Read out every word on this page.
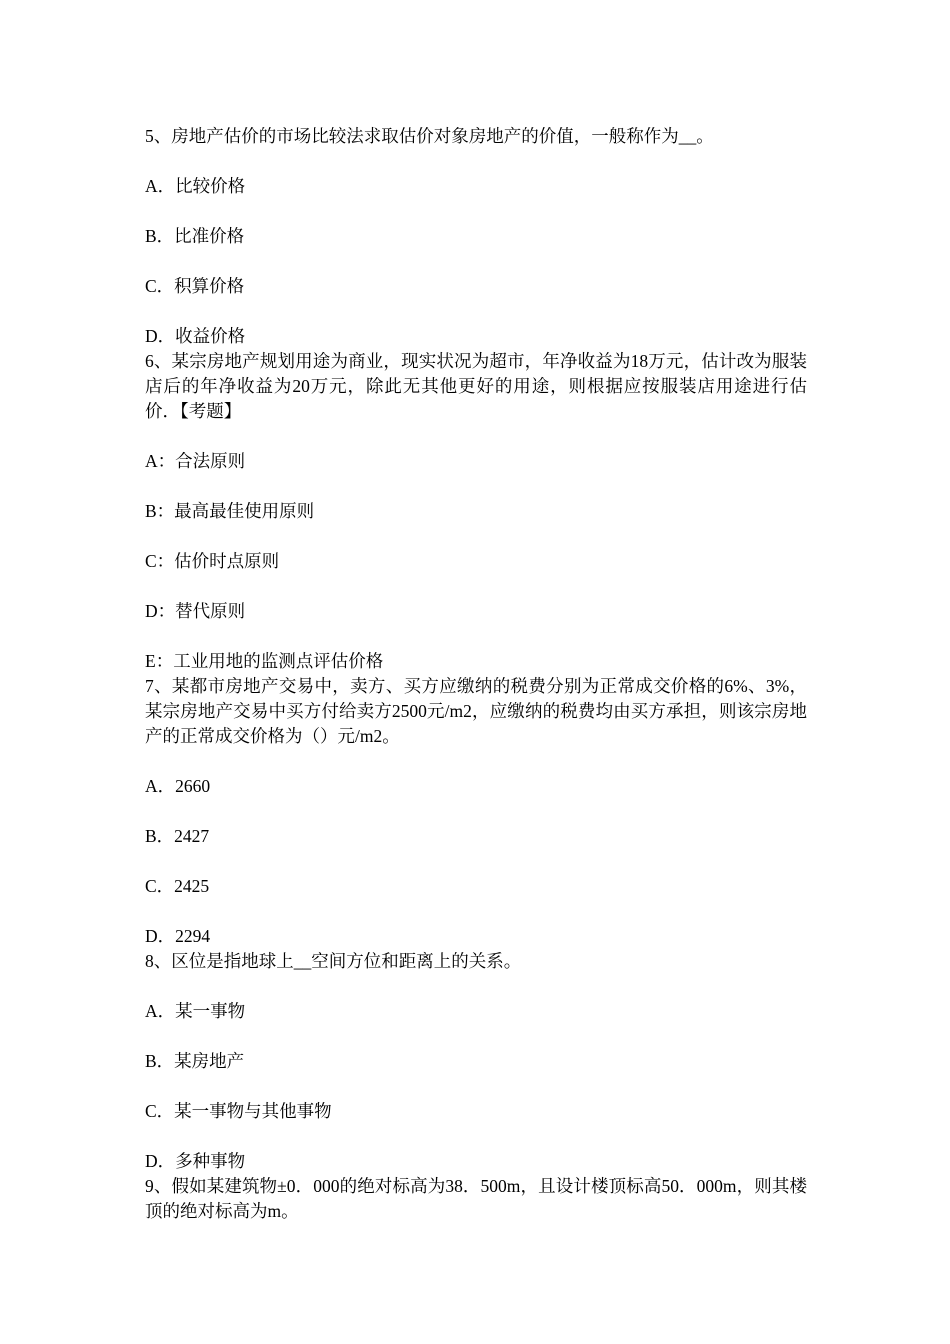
5、房地产估价的市场比较法求取估价对象房地产的价值，一般称作为__。

A．比较价格

B．比准价格

C．积算价格

D．收益价格

6、某宗房地产规划用途为商业，现实状况为超市，年净收益为18万元，估计改为服装店后的年净收益为20万元，除此无其他更好的用途，则根据应按服装店用途进行估价．【考题】

A：合法原则

B：最高最佳使用原则

C：估价时点原则

D：替代原则

E：工业用地的监测点评估价格

7、某都市房地产交易中，卖方、买方应缴纳的税费分别为正常成交价格的6%、3%，某宗房地产交易中买方付给卖方2500元/m2，应缴纳的税费均由买方承担，则该宗房地产的正常成交价格为（）元/m2。

A．2660

B．2427

C．2425

D．2294

8、区位是指地球上__空间方位和距离上的关系。

A．某一事物

B．某房地产

C．某一事物与其他事物

D．多种事物

9、假如某建筑物±0．000的绝对标高为38．500m，且设计楼顶标高50．000m，则其楼顶的绝对标高为m。
